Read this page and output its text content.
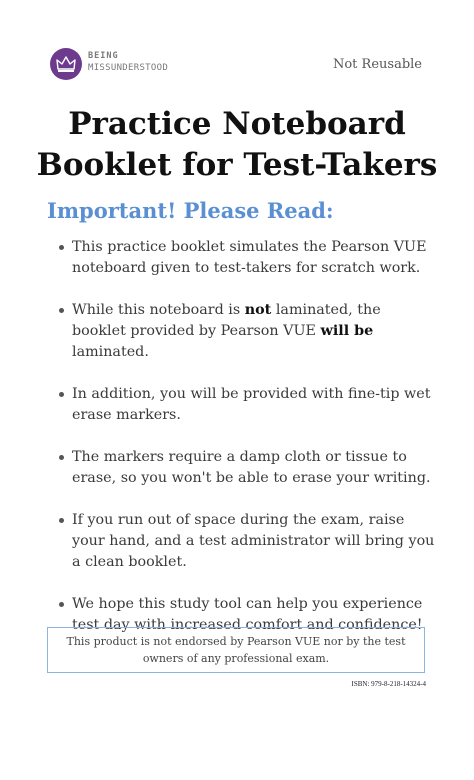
BEING
MISSUNDERSTOOD	Not Reusable
Practice Noteboard
Booklet for Test-Takers
Important! Please Read:
This practice booklet simulates the Pearson VUE noteboard given to test-takers for scratch work.
While this noteboard is not laminated, the booklet provided by Pearson VUE will be laminated.
In addition, you will be provided with fine-tip wet erase markers.
The markers require a damp cloth or tissue to erase, so you won't be able to erase your writing.
If you run out of space during the exam, raise your hand, and a test administrator will bring you a clean booklet.
We hope this study tool can help you experience test day with increased comfort and confidence!
This product is not endorsed by Pearson VUE nor by the test owners of any professional exam.
ISBN: 979-8-218-14324-4
